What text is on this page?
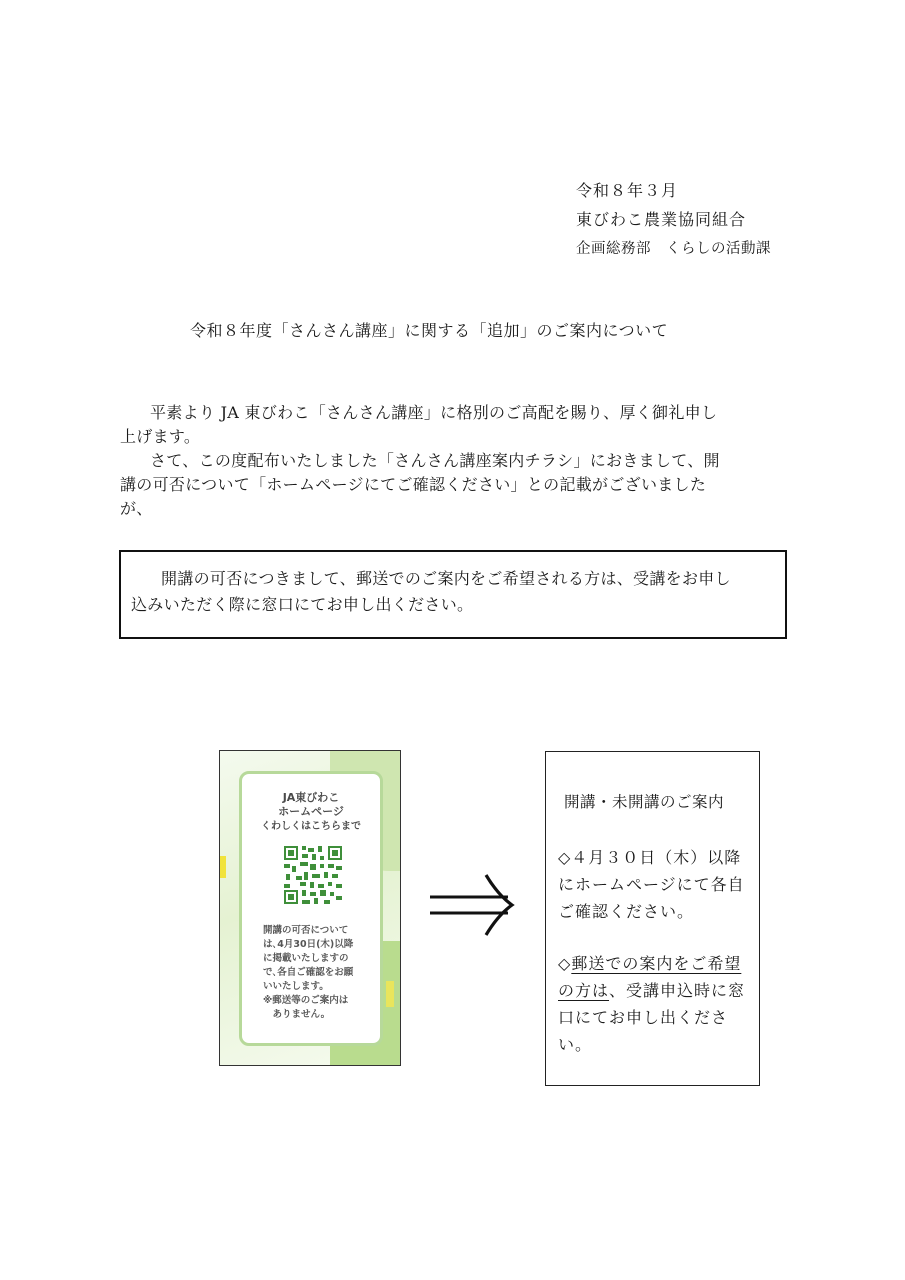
令和８年３月
東びわこ農業協同組合
企画総務部　くらしの活動課
令和８年度「さんさん講座」に関する「追加」のご案内について
平素より JA 東びわこ「さんさん講座」に格別のご高配を賜り、厚く御礼申し
上げます。
さて、この度配布いたしました「さんさん講座案内チラシ」におきまして、開
講の可否について「ホームページにてご確認ください」との記載がございました
が、
開講の可否につきまして、郵送でのご案内をご希望される方は、受講をお申し
込みいただく際に窓口にてお申し出ください。
JA東びわこ
ホームページ
くわしくはこちらまで
開講の可否について
は､4月30日(木)以降
に掲載いたしますの
で､各自ご確認をお願
いいたします。
※郵送等のご案内は
　ありません。
開講・未開講のご案内
◇４月３０日（木）以降にホームページにて各自ご確認ください。
◇郵送での案内をご希望の方は、受講申込時に窓口にてお申し出ください。
